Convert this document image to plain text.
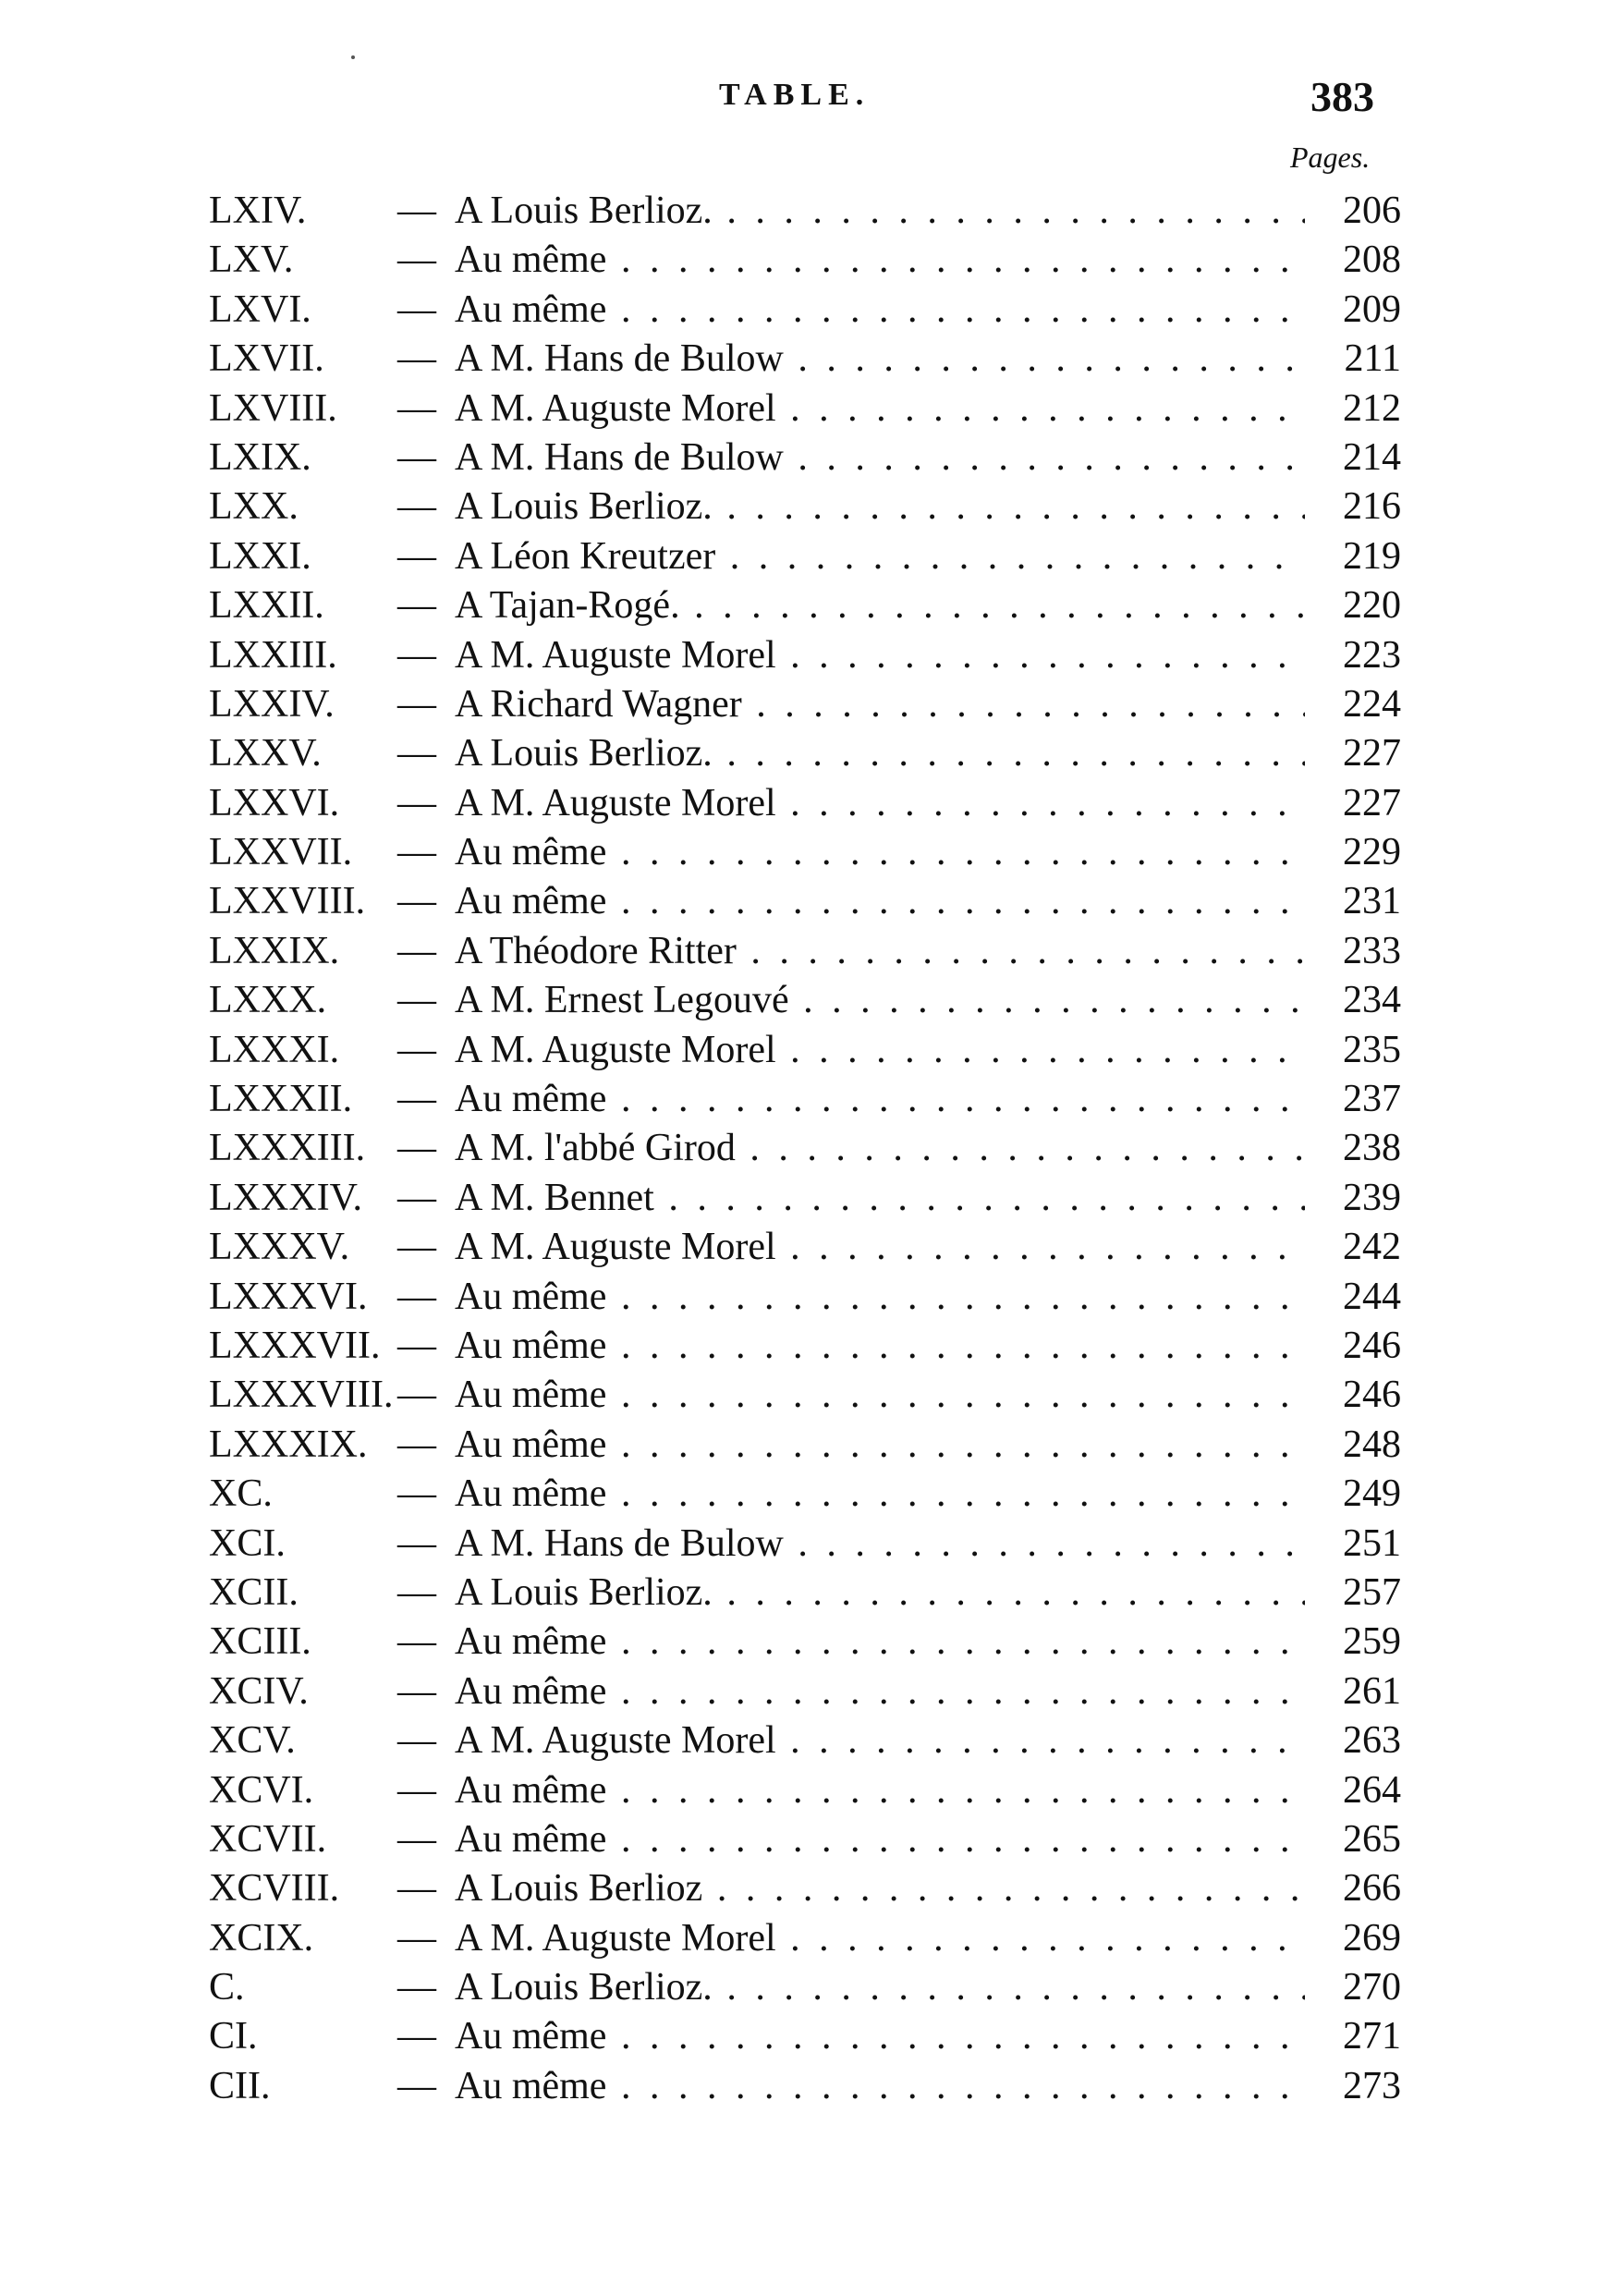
TABLE.	383
Pages.
LXIV. — A Louis Berlioz. . . .	206
LXV.	— Au même . . .	208
LXVI. — Au même . . .	209
LXVII. — A M. Hans de Bulow . . .	211
LXVIII. — A M. Auguste Morel . . .	212
LXIX. — A M. Hans de Bulow . . .	214
LXX.	— A Louis Berlioz. . . .	216
LXXI. — A Léon Kreutzer . . .	219
LXXII. — A Tajan-Rogé. . . .	220
LXXIII. — A M. Auguste Morel . . .	223
LXXIV. — A Richard Wagner . . .	224
LXXV. — A Louis Berlioz. . . .	227
LXXVI. — A M. Auguste Morel . . .	227
LXXVII. — Au même . . .	229
LXXVIII. — Au même . . .	231
LXXIX. — A Théodore Ritter . . .	233
LXXX. — A M. Ernest Legouvé . . .	234
LXXXI. — A M. Auguste Morel . . .	235
LXXXII. — Au même . . .	237
LXXXIII. — A M. l'abbé Girod . . .	238
LXXXIV. — A M. Bennet . . .	239
LXXXV. — A M. Auguste Morel . . .	242
LXXXVI. — Au même . . .	244
LXXXVII. — Au même . . .	246
LXXXVIII. — Au même . . .	246
LXXXIX. — Au même . . .	248
XC.	— Au même . . .	249
XCI.	— A M. Hans de Bulow . . .	251
XCII.	— A Louis Berlioz. . . .	257
XCIII. — Au même . . .	259
XCIV. — Au même . . .	261
XCV.	— A M. Auguste Morel . . .	263
XCVI. — Au même . . .	264
XCVII. — Au même . . .	265
XCVIII. — A Louis Berlioz . . .	266
XCIX. — A M. Auguste Morel . . .	269
C.	— A Louis Berlioz. . . .	270
CI.	— Au même . . .	271
CII.	— Au même . . .	273
